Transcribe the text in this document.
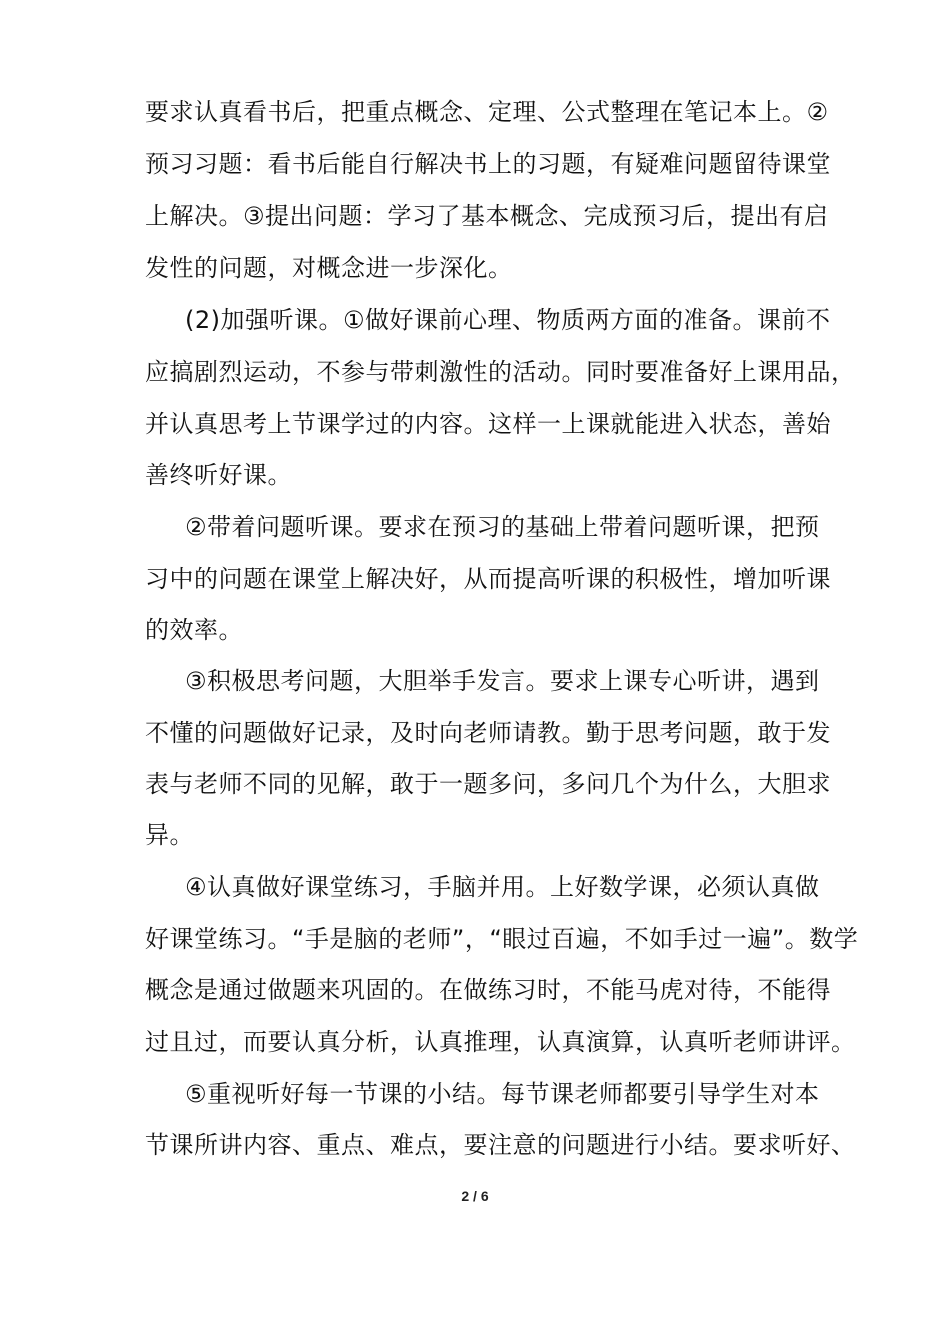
要求认真看书后，把重点概念、定理、公式整理在笔记本上。②
预习习题：看书后能自行解决书上的习题，有疑难问题留待课堂
上解决。③提出问题：学习了基本概念、完成预习后，提出有启
发性的问题，对概念进一步深化。
(2)加强听课。①做好课前心理、物质两方面的准备。课前不
应搞剧烈运动，不参与带刺激性的活动。同时要准备好上课用品，
并认真思考上节课学过的内容。这样一上课就能进入状态，善始
善终听好课。
②带着问题听课。要求在预习的基础上带着问题听课，把预
习中的问题在课堂上解决好，从而提高听课的积极性，增加听课
的效率。
③积极思考问题，大胆举手发言。要求上课专心听讲，遇到
不懂的问题做好记录，及时向老师请教。勤于思考问题，敢于发
表与老师不同的见解，敢于一题多问，多问几个为什么，大胆求
异。
④认真做好课堂练习，手脑并用。上好数学课，必须认真做
好课堂练习。“手是脑的老师”，“眼过百遍，不如手过一遍”。数学
概念是通过做题来巩固的。在做练习时，不能马虎对待，不能得
过且过，而要认真分析，认真推理，认真演算，认真听老师讲评。
⑤重视听好每一节课的小结。每节课老师都要引导学生对本
节课所讲内容、重点、难点，要注意的问题进行小结。要求听好、
2 / 6
